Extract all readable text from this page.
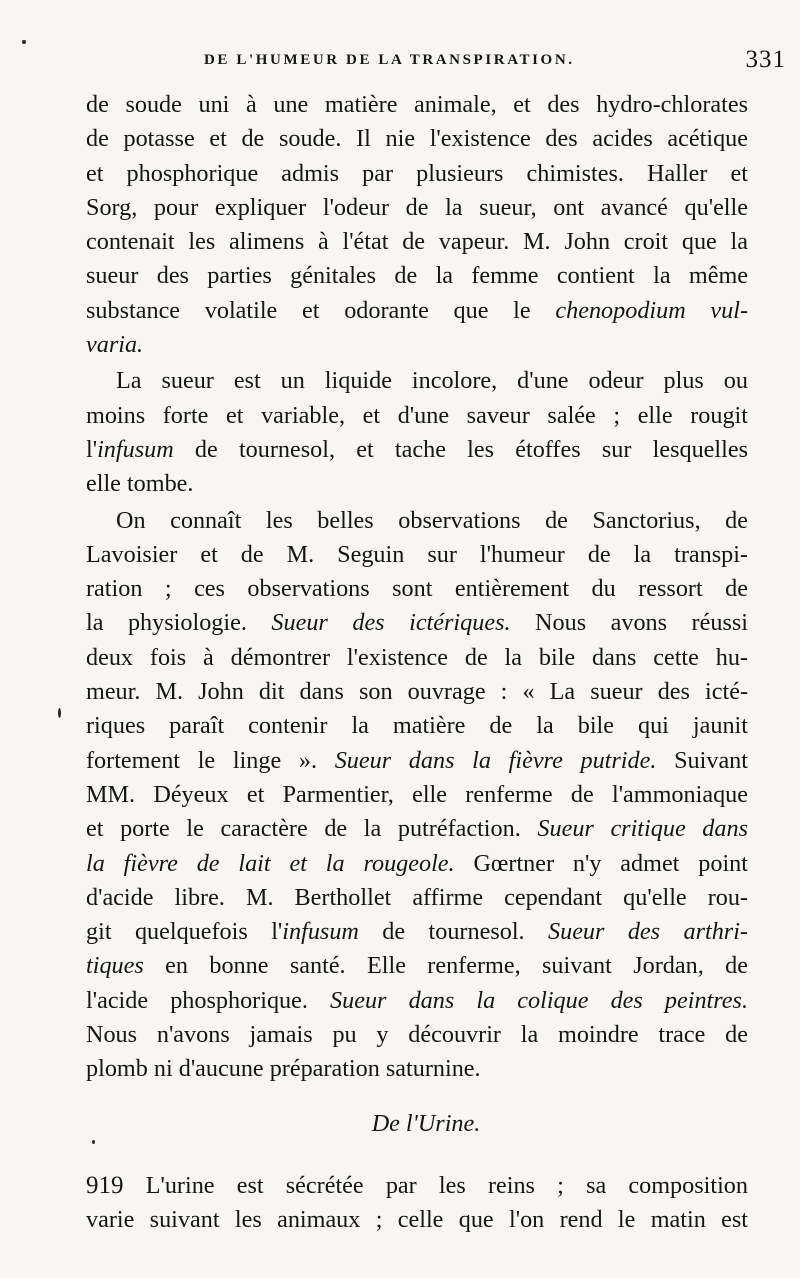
DE L'HUMEUR DE LA TRANSPIRATION.	331
de soude uni à une matière animale, et des hydro-chlorates
de potasse et de soude. Il nie l'existence des acides acétique
et phosphorique admis par plusieurs chimistes. Haller et
Sorg, pour expliquer l'odeur de la sueur, ont avancé qu'elle
contenait les alimens à l'état de vapeur. M. John croit que la
sueur des parties génitales de la femme contient la même
substance volatile et odorante que le chenopodium vul-
varia.
La sueur est un liquide incolore, d'une odeur plus ou
moins forte et variable, et d'une saveur salée ; elle rougit
l'infusum de tournesol, et tache les étoffes sur lesquelles
elle tombe.
On connaît les belles observations de Sanctorius, de
Lavoisier et de M. Seguin sur l'humeur de la transpi-
ration ; ces observations sont entièrement du ressort de
la physiologie. Sueur des ictériques. Nous avons réussi
deux fois à démontrer l'existence de la bile dans cette hu-
meur. M. John dit dans son ouvrage : « La sueur des icté-
riques paraît contenir la matière de la bile qui jaunit
fortement le linge ». Sueur dans la fièvre putride. Suivant
MM. Déyeux et Parmentier, elle renferme de l'ammoniaque
et porte le caractère de la putréfaction. Sueur critique dans
la fièvre de lait et la rougeole. Gœrtner n'y admet point
d'acide libre. M. Berthollet affirme cependant qu'elle rou-
git quelquefois l'infusum de tournesol. Sueur des arthri-
tiques en bonne santé. Elle renferme, suivant Jordan, de
l'acide phosphorique. Sueur dans la colique des peintres.
Nous n'avons jamais pu y découvrir la moindre trace de
plomb ni d'aucune préparation saturnine.
De l'Urine.
919 L'urine est sécrétée par les reins ; sa composition
varie suivant les animaux ; celle que l'on rend le matin est
